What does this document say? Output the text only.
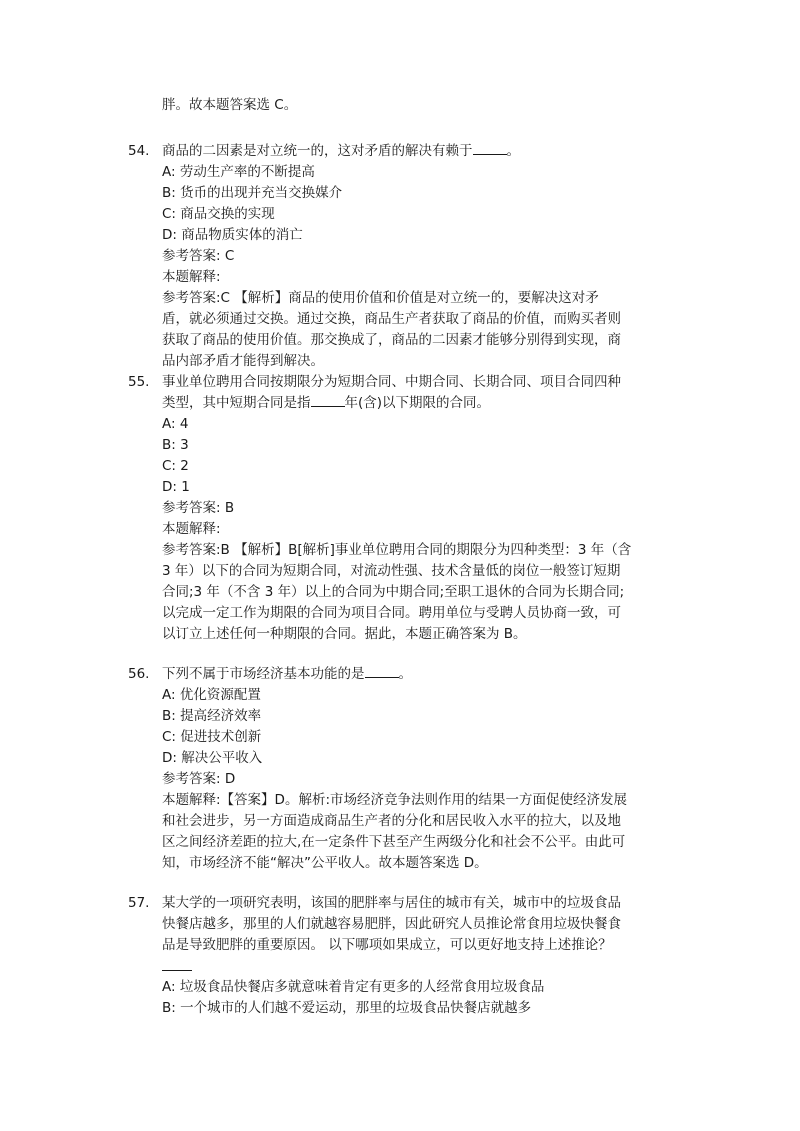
胖。故本题答案选 C。
54. 商品的二因素是对立统一的，这对矛盾的解决有赖于	。
A: 劳动生产率的不断提高
B: 货币的出现并充当交换媒介
C: 商品交换的实现
D: 商品物质实体的消亡
参考答案: C
本题解释:
参考答案:C 【解析】商品的使用价值和价值是对立统一的，要解决这对矛
盾，就必须通过交换。通过交换，商品生产者获取了商品的价值，而购买者则
获取了商品的使用价值。那交换成了，商品的二因素才能够分别得到实现，商
品内部矛盾才能得到解决。
55. 事业单位聘用合同按期限分为短期合同、中期合同、长期合同、项目合同四种
类型，其中短期合同是指	年(含)以下期限的合同。
A: 4
B: 3
C: 2
D: 1
参考答案: B
本题解释:
参考答案:B 【解析】B[解析]事业单位聘用合同的期限分为四种类型：3 年（含
3 年）以下的合同为短期合同，对流动性强、技术含量低的岗位一般签订短期
合同;3 年（不含 3 年）以上的合同为中期合同;至职工退休的合同为长期合同;
以完成一定工作为期限的合同为项目合同。聘用单位与受聘人员协商一致，可
以订立上述任何一种期限的合同。据此，本题正确答案为 B。
56. 下列不属于市场经济基本功能的是	。
A: 优化资源配置
B: 提高经济效率
C: 促进技术创新
D: 解决公平收入
参考答案: D
本题解释:【答案】D。解析:市场经济竞争法则作用的结果一方面促使经济发展
和社会进步，另一方面造成商品生产者的分化和居民收入水平的拉大，以及地
区之间经济差距的拉大,在一定条件下甚至产生两级分化和社会不公平。由此可
知，市场经济不能“解决”公平收人。故本题答案选 D。
57. 某大学的一项研究表明，该国的肥胖率与居住的城市有关，城市中的垃圾食品
快餐店越多，那里的人们就越容易肥胖，因此研究人员推论常食用垃圾快餐食
品是导致肥胖的重要原因。 以下哪项如果成立，可以更好地支持上述推论？
A: 垃圾食品快餐店多就意味着肯定有更多的人经常食用垃圾食品
B: 一个城市的人们越不爱运动，那里的垃圾食品快餐店就越多
